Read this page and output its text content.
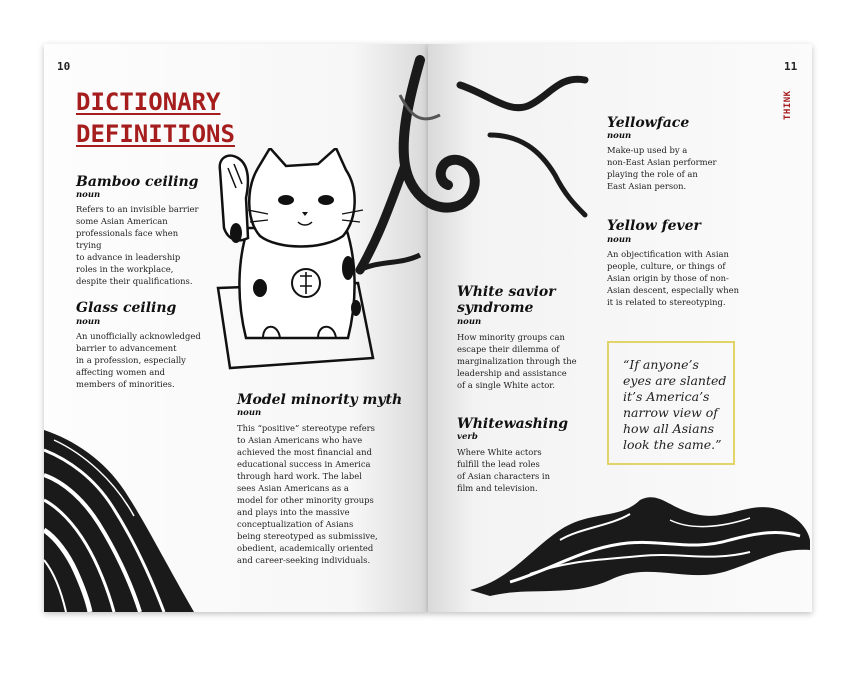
10	11
THINK
DICTIONARY
DEFINITIONS
Bamboo ceiling
noun

Refers to an invisible barrier
some Asian American
professionals face when trying
to advance in leadership
roles in the workplace,
despite their qualifications.

Glass ceiling
noun

An unofficially acknowledged
barrier to advancement
in a profession, especially
affecting women and
members of minorities.

Model minority myth
noun

This “positive” stereotype refers
to Asian Americans who have
achieved the most financial and
educational success in America
through hard work. The label
sees Asian Americans as a
model for other minority groups
and plays into the massive
conceptualization of Asians
being stereotyped as submissive,
obedient, academically oriented
and career-seeking individuals.

White savior
syndrome
noun

How minority groups can
escape their dilemma of
marginalization through the
leadership and assistance
of a single White actor.

Whitewashing
verb

Where White actors
fulfill the lead roles
of Asian characters in
film and television.

Yellowface
noun

Make-up used by a
non-East Asian performer
playing the role of an
East Asian person.

Yellow fever
noun

An objectification with Asian
people, culture, or things of
Asian origin by those of non-
Asian descent, especially when
it is related to stereotyping.

“If anyone’s
eyes are slanted
it’s America’s
narrow view of
how all Asians
look the same.”
